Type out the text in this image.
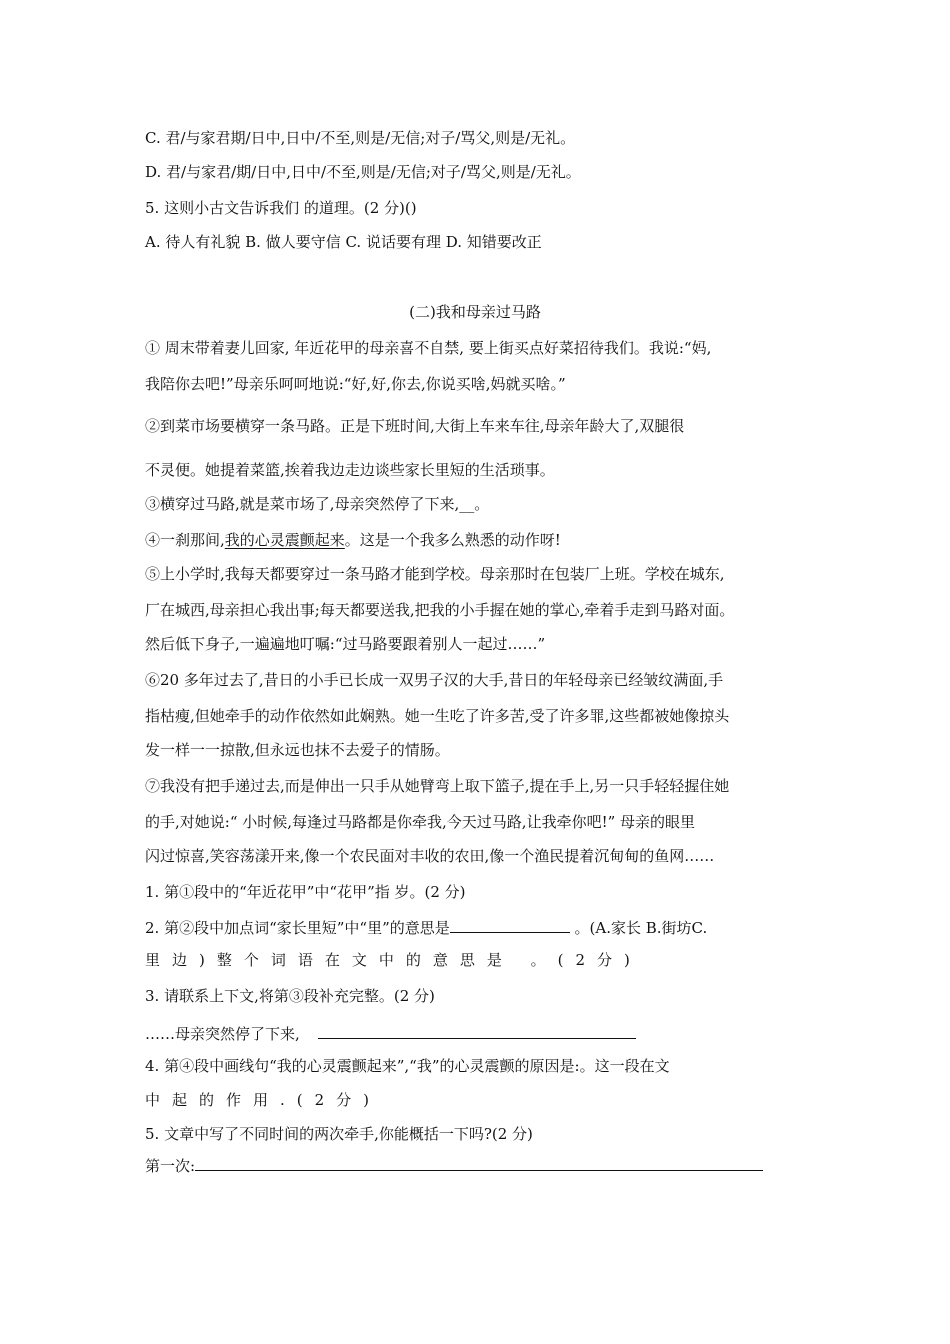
C. 君/与家君期/日中,日中/不至,则是/无信;对子/骂父,则是/无礼。
D. 君/与家君/期/日中,日中/不至,则是/无信;对子/骂父,则是/无礼。
5. 这则小古文告诉我们 的道理。(2 分)()
A. 待人有礼貌 B. 做人要守信 C. 说话要有理 D. 知错要改正
(二)我和母亲过马路
① 周末带着妻儿回家, 年近花甲的母亲喜不自禁, 要上街买点好菜招待我们。我说:“妈,
我陪你去吧!”母亲乐呵呵地说:“好,好,你去,你说买啥,妈就买啥。”
②到菜市场要横穿一条马路。正是下班时间,大街上车来车往,母亲年龄大了,双腿很
不灵便。她提着菜篮,挨着我边走边谈些家长里短的生活琐事。
③横穿过马路,就是菜市场了,母亲突然停了下来,__。
④一刹那间,我的心灵震颤起来。这是一个我多么熟悉的动作呀!
⑤上小学时,我每天都要穿过一条马路才能到学校。母亲那时在包装厂上班。学校在城东,
厂在城西,母亲担心我出事;每天都要送我,把我的小手握在她的掌心,牵着手走到马路对面。
然后低下身子,一遍遍地叮嘱:“过马路要跟着别人一起过……”
⑥20 多年过去了,昔日的小手已长成一双男子汉的大手,昔日的年轻母亲已经皱纹满面,手
指枯瘦,但她牵手的动作依然如此娴熟。她一生吃了许多苦,受了许多罪,这些都被她像掠头
发一样一一掠散,但永远也抹不去爱子的情肠。
⑦我没有把手递过去,而是伸出一只手从她臂弯上取下篮子,提在手上,另一只手轻轻握住她
的手,对她说:“ 小时候,每逢过马路都是你牵我,今天过马路,让我牵你吧!” 母亲的眼里
闪过惊喜,笑容荡漾开来,像一个农民面对丰收的农田,像一个渔民提着沉甸甸的鱼网……
1. 第①段中的“年近花甲”中“花甲”指 岁。(2 分)
2. 第②段中加点词“家长里短”中“里”的意思是	。(A.家长 B.街坊C.
里边)整个词语在文中的意思是 。(2分)
3. 请联系上下文,将第③段补充完整。(2 分)
……母亲突然停了下来,
4. 第④段中画线句“我的心灵震颤起来”,“我”的心灵震颤的原因是:。这一段在文
中起的作用.(2分)
5. 文章中写了不同时间的两次牵手,你能概括一下吗?(2 分)
第一次:
